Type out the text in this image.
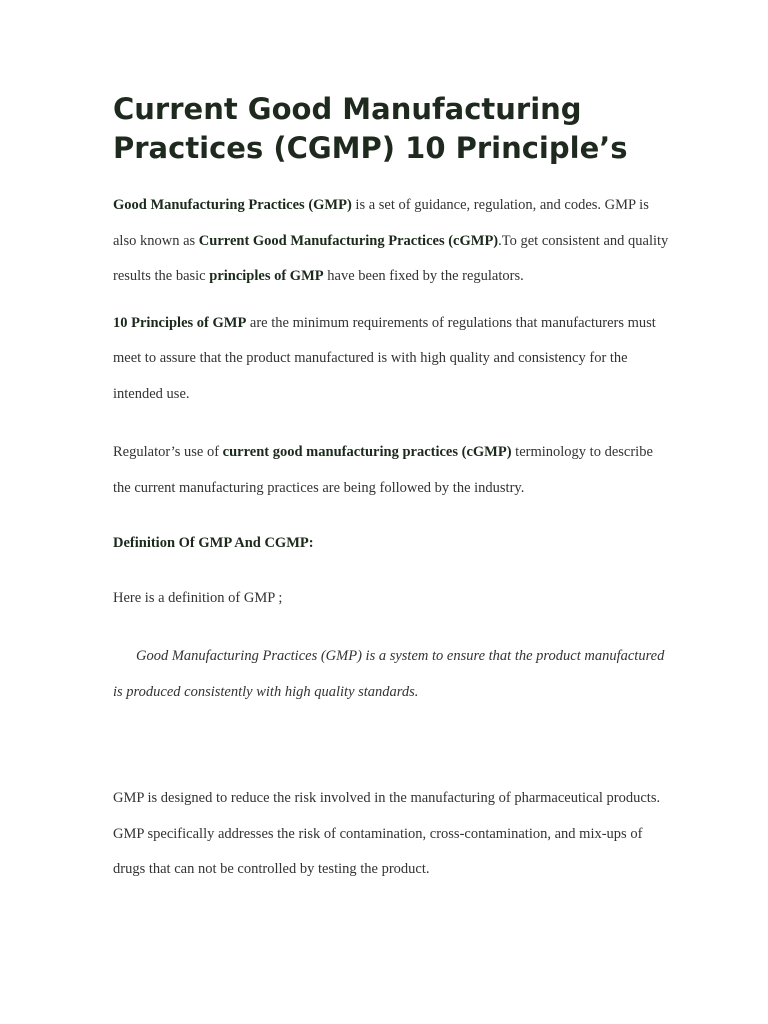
Current Good Manufacturing Practices (CGMP) 10 Principle’s

Good Manufacturing Practices (GMP) is a set of guidance, regulation, and codes. GMP is also known as Current Good Manufacturing Practices (cGMP).To get consistent and quality results the basic principles of GMP have been fixed by the regulators.

10 Principles of GMP are the minimum requirements of regulations that manufacturers must meet to assure that the product manufactured is with high quality and consistency for the intended use.

Regulator’s use of current good manufacturing practices (cGMP) terminology to describe the current manufacturing practices are being followed by the industry.

Definition Of GMP And CGMP:

Here is a definition of GMP ;

Good Manufacturing Practices (GMP) is a system to ensure that the product manufactured is produced consistently with high quality standards.

GMP is designed to reduce the risk involved in the manufacturing of pharmaceutical products. GMP specifically addresses the risk of contamination, cross-contamination, and mix-ups of drugs that can not be controlled by testing the product.
